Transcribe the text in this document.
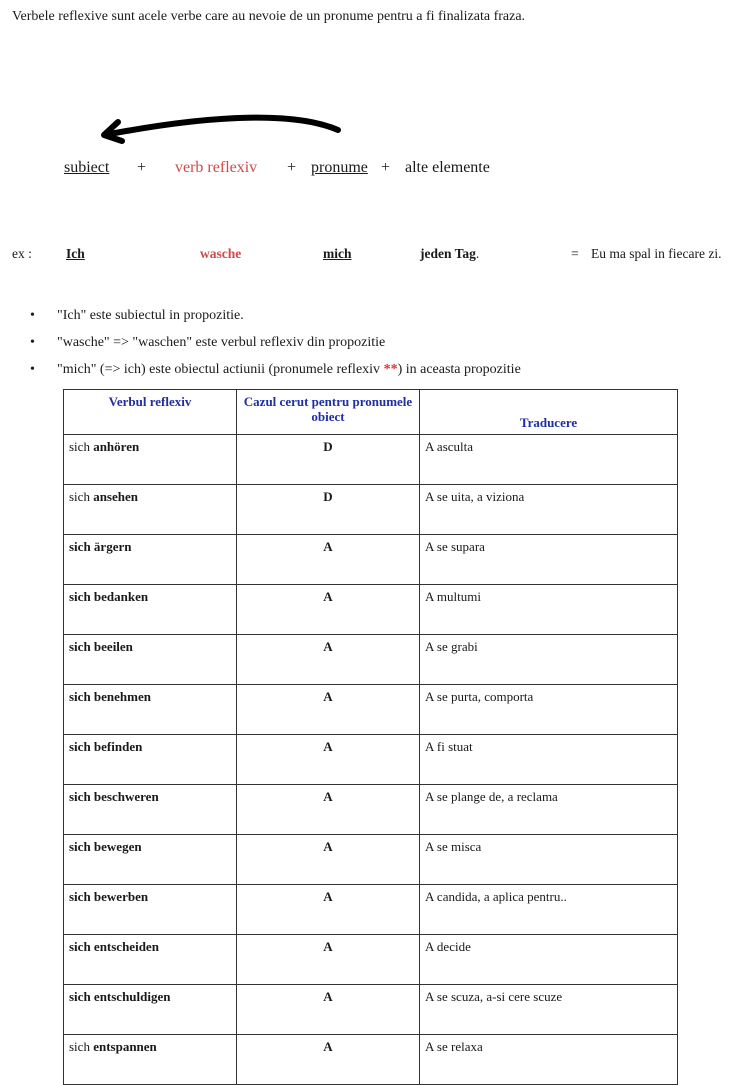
Verbele reflexive sunt acele verbe care au nevoie de un pronume pentru a fi finalizata fraza.
subiect + verb reflexiv + pronume + alte elemente
ex :	Ich	wasche	mich	jeden Tag.	= Eu ma spal in fiecare zi.
• "Ich" este subiectul in propozitie.
• "wasche" => "waschen" este verbul reflexiv din propozitie
• "mich" (=> ich) este obiectul actiunii (pronumele reflexiv **) in aceasta propozitie
Verbul reflexiv	Cazul cerut pentru pronumele obiect	Traducere
sich anhören	D	A asculta
sich ansehen	D	A se uita, a viziona
sich ärgern	A	A se supara
sich bedanken	A	A multumi
sich beeilen	A	A se grabi
sich benehmen	A	A se purta, comporta
sich befinden	A	A fi stuat
sich beschweren	A	A se plange de, a reclama
sich bewegen	A	A se misca
sich bewerben	A	A candida, a aplica pentru..
sich entscheiden	A	A decide
sich entschuldigen	A	A se scuza, a-si cere scuze
sich entspannen	A	A se relaxa
